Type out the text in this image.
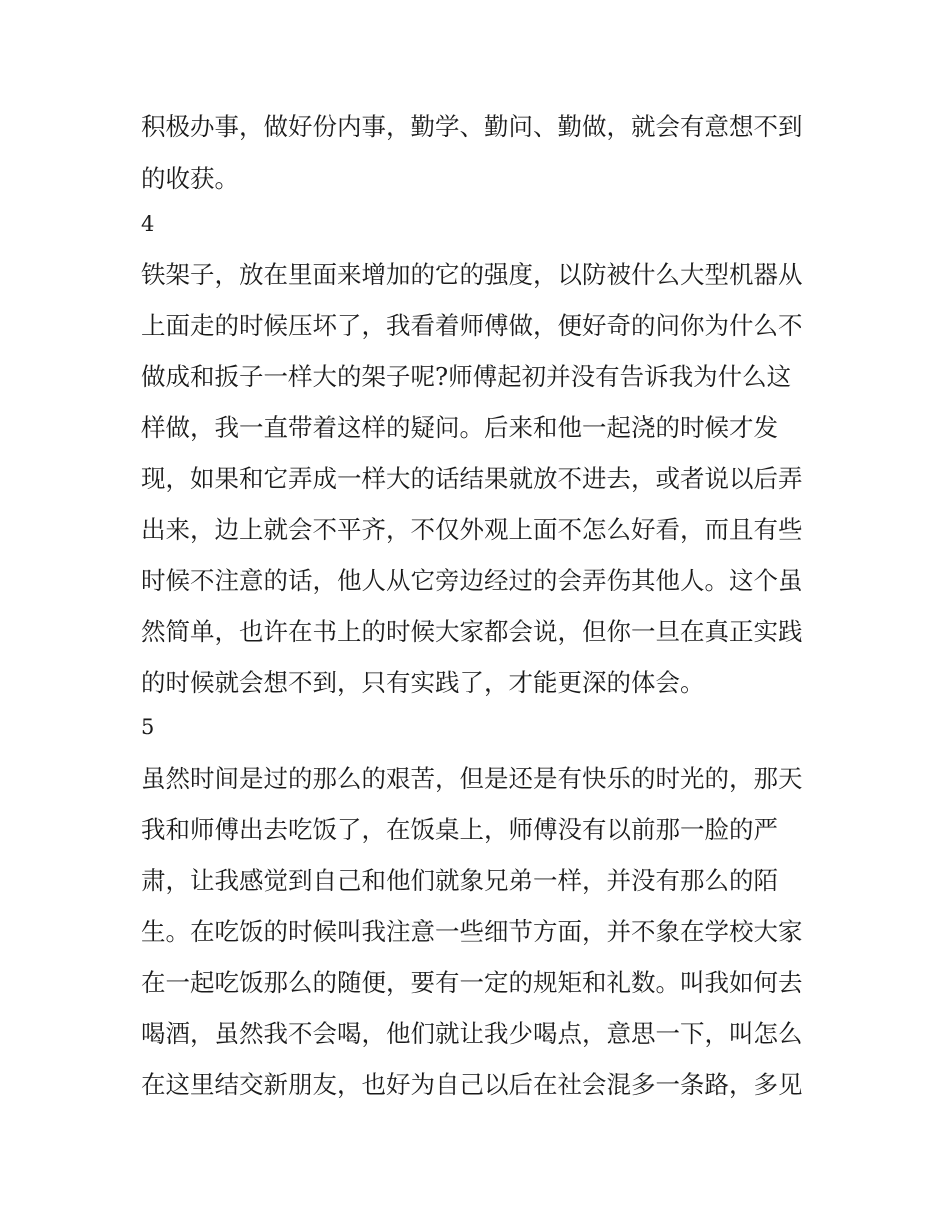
积极办事，做好份内事，勤学、勤问、勤做，就会有意想不到
的收获。
4
铁架子，放在里面来增加的它的强度，以防被什么大型机器从
上面走的时候压坏了，我看着师傅做，便好奇的问你为什么不
做成和扳子一样大的架子呢?师傅起初并没有告诉我为什么这
样做，我一直带着这样的疑问。后来和他一起浇的时候才发
现，如果和它弄成一样大的话结果就放不进去，或者说以后弄
出来，边上就会不平齐，不仅外观上面不怎么好看，而且有些
时候不注意的话，他人从它旁边经过的会弄伤其他人。这个虽
然简单，也许在书上的时候大家都会说，但你一旦在真正实践
的时候就会想不到，只有实践了，才能更深的体会。
5
虽然时间是过的那么的艰苦，但是还是有快乐的时光的，那天
我和师傅出去吃饭了，在饭桌上，师傅没有以前那一脸的严
肃，让我感觉到自己和他们就象兄弟一样，并没有那么的陌
生。在吃饭的时候叫我注意一些细节方面，并不象在学校大家
在一起吃饭那么的随便，要有一定的规矩和礼数。叫我如何去
喝酒，虽然我不会喝，他们就让我少喝点，意思一下，叫怎么
在这里结交新朋友，也好为自己以后在社会混多一条路，多见
